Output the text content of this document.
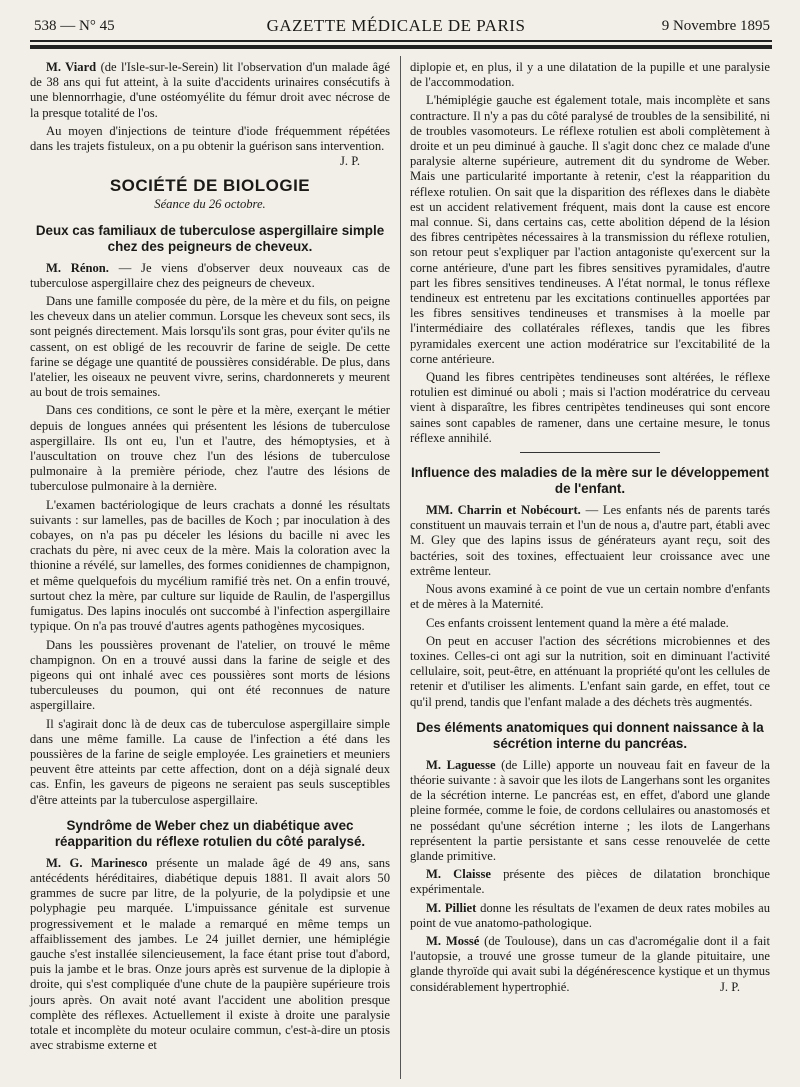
538 — N° 45	GAZETTE MÉDICALE DE PARIS	9 Novembre 1895

M. Viard (de l'Isle-sur-le-Serein) lit l'observation d'un malade âgé de 38 ans qui fut atteint, à la suite d'accidents urinaires consécutifs à une blennorrhagie, d'une ostéomyélite du fémur droit avec nécrose de la presque totalité de l'os.

Au moyen d'injections de teinture d'iode fréquemment répétées dans les trajets fistuleux, on a pu obtenir la guérison sans intervention.
J. P.

SOCIÉTÉ DE BIOLOGIE
Séance du 26 octobre.
Deux cas familiaux de tuberculose aspergillaire simple chez des peigneurs de cheveux.

M. Rénon. — Je viens d'observer deux nouveaux cas de tuberculose aspergillaire chez des peigneurs de cheveux.

Dans une famille composée du père, de la mère et du fils, on peigne les cheveux dans un atelier commun. Lorsque les cheveux sont secs, ils sont peignés directement. Mais lorsqu'ils sont gras, pour éviter qu'ils ne cassent, on est obligé de les recouvrir de farine de seigle. De cette farine se dégage une quantité de poussières considérable. De plus, dans l'atelier, les oiseaux ne peuvent vivre, serins, chardonnerets y meurent au bout de trois semaines.

Dans ces conditions, ce sont le père et la mère, exerçant le métier depuis de longues années qui présentent les lésions de tuberculose aspergillaire. Ils ont eu, l'un et l'autre, des hémoptysies, et à l'auscultation on trouve chez l'un des lésions de tuberculose pulmonaire à la première période, chez l'autre des lésions de tuberculose pulmonaire à la dernière.

L'examen bactériologique de leurs crachats a donné les résultats suivants : sur lamelles, pas de bacilles de Koch ; par inoculation à des cobayes, on n'a pas pu déceler les lésions du bacille ni avec les crachats du père, ni avec ceux de la mère. Mais la coloration avec la thionine a révélé, sur lamelles, des formes conidiennes de champignon, et même quelquefois du mycélium ramifié très net. On a enfin trouvé, surtout chez la mère, par culture sur liquide de Raulin, de l'aspergillus fumigatus. Des lapins inoculés ont succombé à l'infection aspergillaire typique. On n'a pas trouvé d'autres agents pathogènes mycosiques.

Dans les poussières provenant de l'atelier, on trouvé le même champignon. On en a trouvé aussi dans la farine de seigle et des pigeons qui ont inhalé avec ces poussières sont morts de lésions tuberculeuses du poumon, qui ont été reconnues de nature aspergillaire.

Il s'agirait donc là de deux cas de tuberculose aspergillaire simple dans une même famille. La cause de l'infection a été dans les poussières de la farine de seigle employée. Les grainetiers et meuniers peuvent être atteints par cette affection, dont on a déjà signalé deux cas. Enfin, les gaveurs de pigeons ne seraient pas seuls susceptibles d'être atteints par la tuberculose aspergillaire.

Syndrôme de Weber chez un diabétique avec réapparition du réflexe rotulien du côté paralysé.

M. G. Marinesco présente un malade âgé de 49 ans, sans antécédents héréditaires, diabétique depuis 1881. Il avait alors 50 grammes de sucre par litre, de la polyurie, de la polydipsie et une polyphagie peu marquée. L'impuissance génitale est survenue progressivement et le malade a remarqué en même temps un affaiblissement des jambes. Le 24 juillet dernier, une hémiplégie gauche s'est installée silencieusement, la face étant prise tout d'abord, puis la jambe et le bras. Onze jours après est survenue de la diplopie à droite, qui s'est compliquée d'une chute de la paupière supérieure trois jours après. On avait noté avant l'accident une abolition presque complète des réflexes. Actuellement il existe à droite une paralysie totale et incomplète du moteur oculaire commun, c'est-à-dire un ptosis avec strabisme externe et

diplopie et, en plus, il y a une dilatation de la pupille et une paralysie de l'accommodation.

L'hémiplégie gauche est également totale, mais incomplète et sans contracture. Il n'y a pas du côté paralysé de troubles de la sensibilité, ni de troubles vasomoteurs. Le réflexe rotulien est aboli complètement à droite et un peu diminué à gauche. Il s'agit donc chez ce malade d'une paralysie alterne supérieure, autrement dit du syndrome de Weber. Mais une particularité importante à retenir, c'est la réapparition du réflexe rotulien. On sait que la disparition des réflexes dans le diabète est un accident relativement fréquent, mais dont la cause est encore mal connue. Si, dans certains cas, cette abolition dépend de la lésion des fibres centripètes nécessaires à la transmission du réflexe rotulien, son retour peut s'expliquer par l'action antagoniste qu'exercent sur la corne antérieure, d'une part les fibres sensitives pyramidales, d'autre part les fibres sensitives tendineuses. A l'état normal, le tonus réflexe tendineux est entretenu par les excitations continuelles apportées par les fibres sensitives tendineuses et transmises à la moelle par l'intermédiaire des collatérales réflexes, tandis que les fibres pyramidales exercent une action modératrice sur l'excitabilité de la corne antérieure.

Quand les fibres centripètes tendineuses sont altérées, le réflexe rotulien est diminué ou aboli ; mais si l'action modératrice du cerveau vient à disparaître, les fibres centripètes tendineuses qui sont encore saines sont capables de ramener, dans une certaine mesure, le tonus réflexe annihilé.

Influence des maladies de la mère sur le développement de l'enfant.

MM. Charrin et Nobécourt. — Les enfants nés de parents tarés constituent un mauvais terrain et l'un de nous a, d'autre part, établi avec M. Gley que des lapins issus de générateurs ayant reçu, soit des bactéries, soit des toxines, effectuaient leur croissance avec une extrême lenteur.

Nous avons examiné à ce point de vue un certain nombre d'enfants et de mères à la Maternité.

Ces enfants croissent lentement quand la mère a été malade.

On peut en accuser l'action des sécrétions microbiennes et des toxines. Celles-ci ont agi sur la nutrition, soit en diminuant l'activité cellulaire, soit, peut-être, en atténuant la propriété qu'ont les cellules de retenir et d'utiliser les aliments. L'enfant sain garde, en effet, tout ce qu'il prend, tandis que l'enfant malade a des déchets très augmentés.

Des éléments anatomiques qui donnent naissance à la sécrétion interne du pancréas.

M. Laguesse (de Lille) apporte un nouveau fait en faveur de la théorie suivante : à savoir que les ilots de Langerhans sont les organites de la sécrétion interne. Le pancréas est, en effet, d'abord une glande pleine formée, comme le foie, de cordons cellulaires ou anastomosés et ne possédant qu'une sécrétion interne ; les ilots de Langerhans représentent la partie persistante et sans cesse renouvelée de cette glande primitive.

M. Claisse présente des pièces de dilatation bronchique expérimentale.

M. Pilliet donne les résultats de l'examen de deux rates mobiles au point de vue anatomo-pathologique.

M. Mossé (de Toulouse), dans un cas d'acromégalie dont il a fait l'autopsie, a trouvé une grosse tumeur de la glande pituitaire, une glande thyroïde qui avait subi la dégénérescence kystique et un thymus considérablement hypertrophié.	J. P.
